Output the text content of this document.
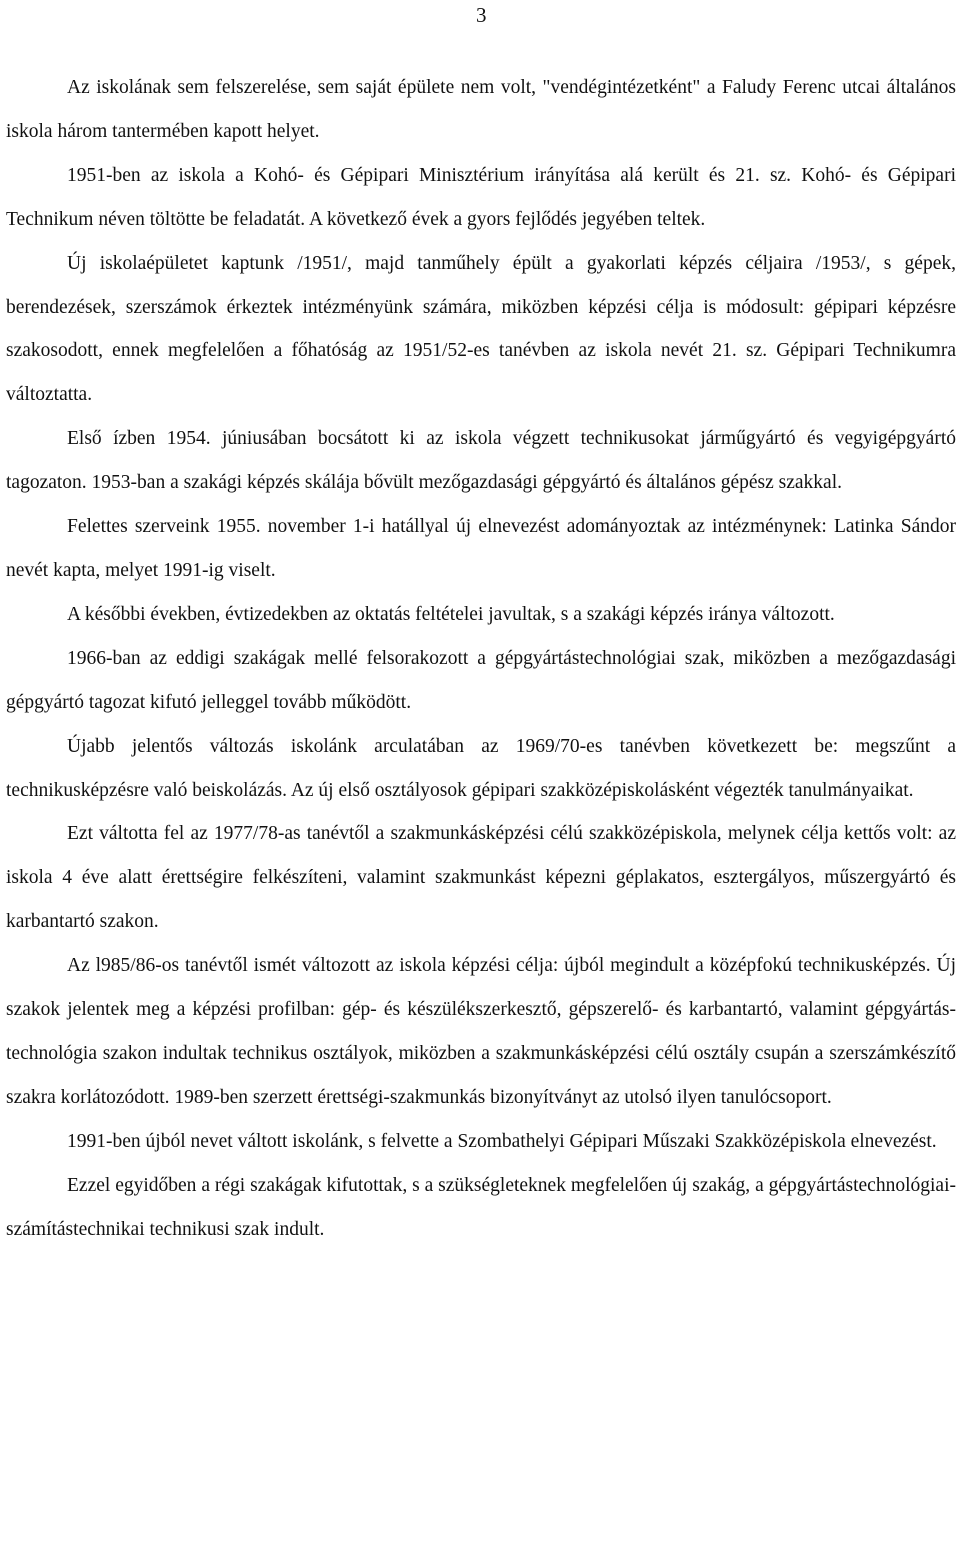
3

Az iskolának sem felszerelése, sem saját épülete nem volt, "vendégintézetként" a Faludy Ferenc utcai általános iskola három tantermében kapott helyet.

1951-ben az iskola a Kohó- és Gépipari Minisztérium irányítása alá került és 21. sz. Kohó- és Gépipari Technikum néven töltötte be feladatát. A következő évek a gyors fejlődés jegyében teltek.

Új iskolaépületet kaptunk /1951/, majd tanműhely épült a gyakorlati képzés céljaira /1953/, s gépek, berendezések, szerszámok érkeztek intézményünk számára, miközben képzési célja is módosult: gépipari képzésre szakosodott, ennek megfelelően a főhatóság az 1951/52-es tanévben az iskola nevét 21. sz. Gépipari Technikumra változtatta.

Első ízben 1954. júniusában bocsátott ki az iskola végzett technikusokat járműgyártó és vegyigépgyártó tagozaton. 1953-ban a szakági képzés skálája bővült mezőgazdasági gépgyártó és általános gépész szakkal.

Felettes szerveink 1955. november 1-i hatállyal új elnevezést adományoztak az intézménynek: Latinka Sándor nevét kapta, melyet 1991-ig viselt.

A későbbi években, évtizedekben az oktatás feltételei javultak, s a szakági képzés iránya változott.

1966-ban az eddigi szakágak mellé felsorakozott a gépgyártástechnológiai szak, miközben a mezőgazdasági gépgyártó tagozat kifutó jelleggel tovább működött.

Újabb jelentős változás iskolánk arculatában az 1969/70-es tanévben következett be: megszűnt a technikusképzésre való beiskolázás. Az új első osztályosok gépipari szakközépiskolásként végezték tanulmányaikat.

Ezt váltotta fel az 1977/78-as tanévtől a szakmunkásképzési célú szakközépiskola, melynek célja kettős volt: az iskola 4 éve alatt érettségire felkészíteni, valamint szakmunkást képezni géplakatos, esztergályos, műszergyártó és karbantartó szakon.

Az l985/86-os tanévtől ismét változott az iskola képzési célja: újból megindult a középfokú technikusképzés. Új szakok jelentek meg a képzési profilban: gép- és készülékszerkesztő, gépszerelő- és karbantartó, valamint gépgyártás-technológia szakon indultak technikus osztályok, miközben a szakmunkásképzési célú osztály csupán a szerszámkészítő szakra korlátozódott. 1989-ben szerzett érettségi-szakmunkás bizonyítványt az utolsó ilyen tanulócsoport.

1991-ben újból nevet váltott iskolánk, s felvette a Szombathelyi Gépipari Műszaki Szakközépiskola elnevezést.

Ezzel egyidőben a régi szakágak kifutottak, s a szükségleteknek megfelelően új szakág, a gépgyártástechnológiai-számítástechnikai technikusi szak indult.
